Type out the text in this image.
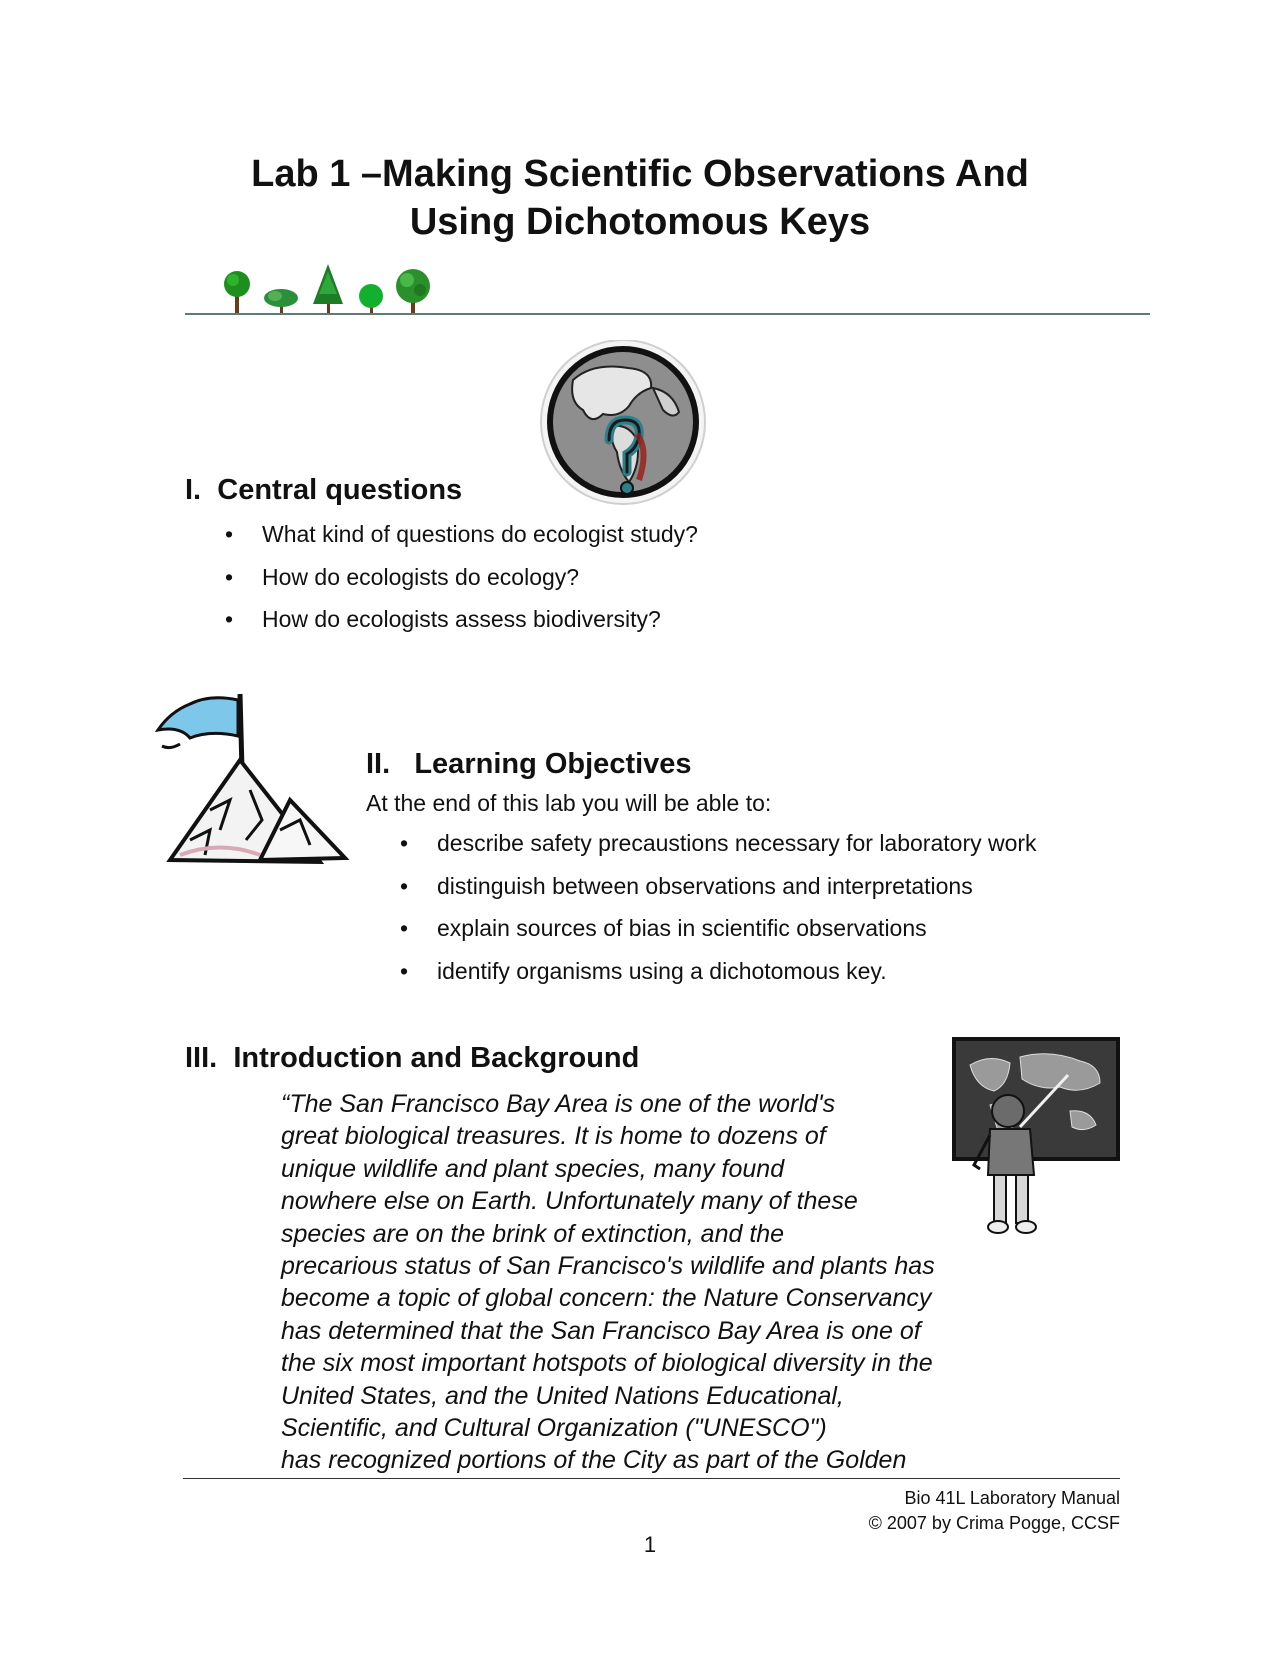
Lab 1 –Making Scientific Observations And
Using Dichotomous Keys
I. Central questions
• What kind of questions do ecologist study?
• How do ecologists do ecology?
• How do ecologists assess biodiversity?
II. Learning Objectives
At the end of this lab you will be able to:
• describe safety precaustions necessary for laboratory work
• distinguish between observations and interpretations
• explain sources of bias in scientific observations
• identify organisms using a dichotomous key.
III. Introduction and Background
“The San Francisco Bay Area is one of the world's
great biological treasures. It is home to dozens of
unique wildlife and plant species, many found
nowhere else on Earth. Unfortunately many of these
species are on the brink of extinction, and the
precarious status of San Francisco's wildlife and plants has
become a topic of global concern: the Nature Conservancy
has determined that the San Francisco Bay Area is one of
the six most important hotspots of biological diversity in the
United States, and the United Nations Educational,
Scientific, and Cultural Organization ("UNESCO")
has recognized portions of the City as part of the Golden
Bio 41L Laboratory Manual
© 2007 by Crima Pogge, CCSF
1
